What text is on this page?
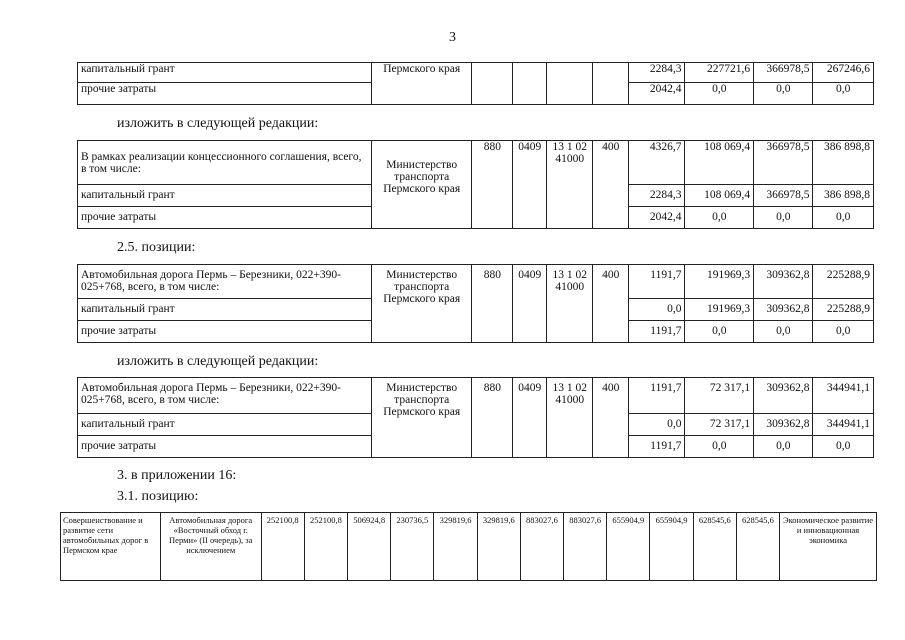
3
капитальный грант	Пермского края					2284,3	227721,6	366978,5	267246,6
прочие затраты						2042,4	0,0	0,0	0,0
изложить в следующей редакции:
В рамках реализации концессионного соглашения, всего, в том числе:	Министерство транспорта Пермского края	880	0409	13 1 02 41000	400	4326,7	108 069,4	366978,5	386 898,8
капитальный грант						2284,3	108 069,4	366978,5	386 898,8
прочие затраты						2042,4	0,0	0,0	0,0
2.5. позиции:
Автомобильная дорога Пермь – Березники, 022+390-025+768, всего, в том числе:	Министерство транспорта Пермского края	880	0409	13 1 02 41000	400	1191,7	191969,3	309362,8	225288,9
капитальный грант						0,0	191969,3	309362,8	225288,9
прочие затраты						1191,7	0,0	0,0	0,0
изложить в следующей редакции:
Автомобильная дорога Пермь – Березники, 022+390-025+768, всего, в том числе:	Министерство транспорта Пермского края	880	0409	13 1 02 41000	400	1191,7	72 317,1	309362,8	344941,1
капитальный грант						0,0	72 317,1	309362,8	344941,1
прочие затраты						1191,7	0,0	0,0	0,0
3. в приложении 16:
3.1. позицию:
Совершенствование и развитие сети автомобильных дорог в Пермском крае	Автомобильная дорога «Восточный обход г. Перми» (II очередь), за исключением	252100,8	252100,8	506924,8	230736,5	329819,6	329819,6	883027,6	883027,6	655904,9	655904,9	628545,6	628545,6	Экономическое развитие и инновационная экономика
